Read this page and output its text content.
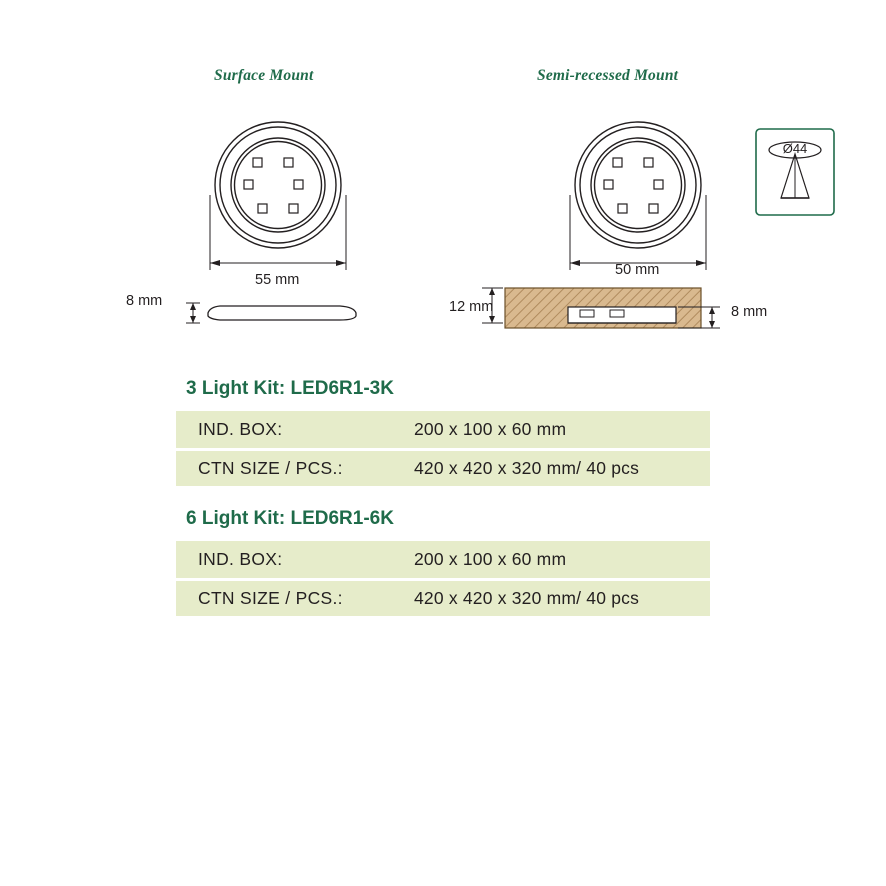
Surface Mount	Semi-recessed Mount
55 mm
8 mm
50 mm
Ø44
12 mm	8 mm
3 Light Kit: LED6R1-3K
IND. BOX:	200 x 100 x 60 mm
CTN SIZE / PCS.:	420 x 420 x 320 mm/ 40 pcs
6 Light Kit: LED6R1-6K
IND. BOX:	200 x 100 x 60 mm
CTN SIZE / PCS.:	420 x 420 x 320 mm/ 40 pcs
